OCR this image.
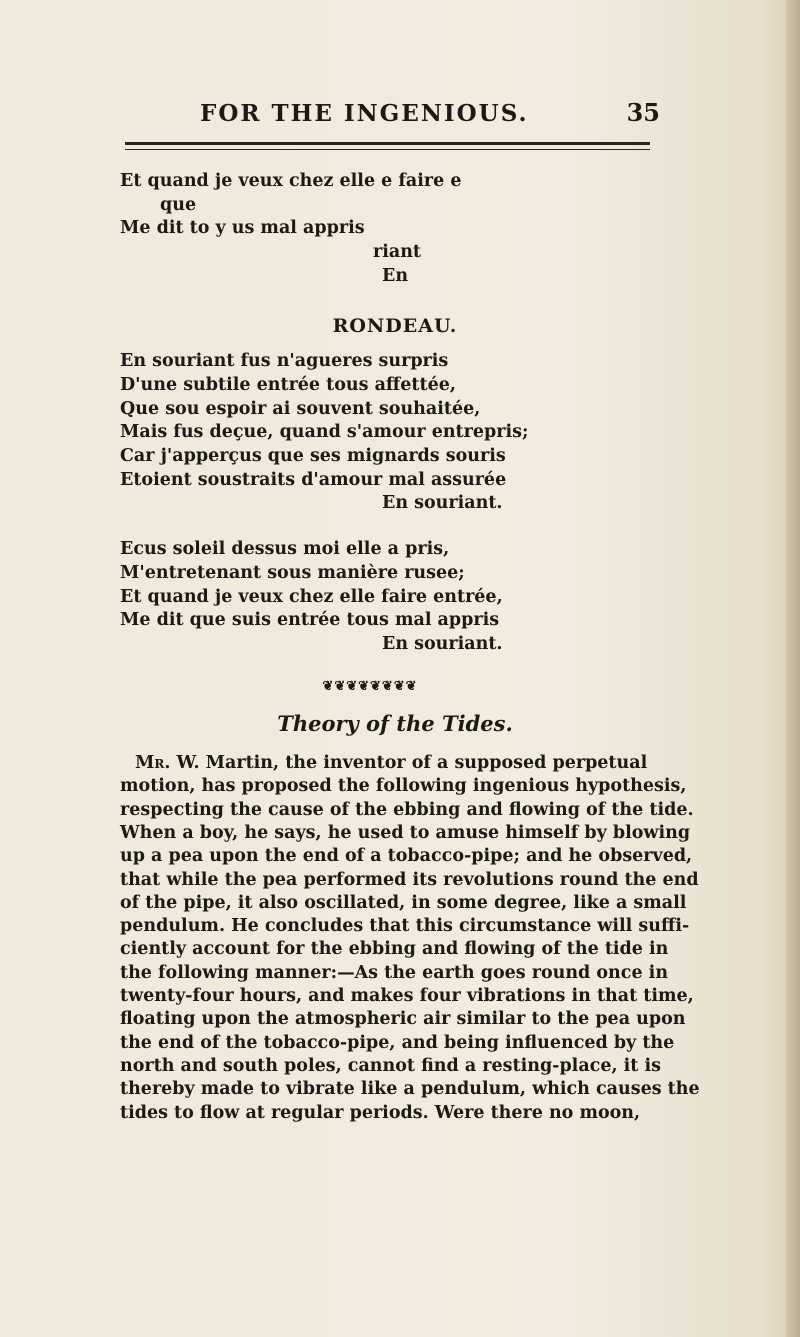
FOR THE INGENIOUS.	35
Et quand je veux chez elle e faire e
que
Me dit to y us mal appris
riant
En
RONDEAU.
En souriant fus n'agueres surpris
D'une subtile entrée tous affettée,
Que sou espoir ai souvent souhaitée,
Mais fus deçue, quand s'amour entrepris;
Car j'apperçus que ses mignards souris
Etoient soustraits d'amour mal assurée
En souriant.
Ecus soleil dessus moi elle a pris,
M'entretenant sous manière rusee;
Et quand je veux chez elle faire entrée,
Me dit que suis entrée tous mal appris
En souriant.
❦❦❦❦❦❦❦❦
Theory of the Tides.
Mr. W. Martin, the inventor of a supposed perpetual
motion, has proposed the following ingenious hypothesis,
respecting the cause of the ebbing and flowing of the tide.
When a boy, he says, he used to amuse himself by blowing
up a pea upon the end of a tobacco-pipe; and he observed,
that while the pea performed its revolutions round the end
of the pipe, it also oscillated, in some degree, like a small
pendulum. He concludes that this circumstance will suffi-
ciently account for the ebbing and flowing of the tide in
the following manner:—As the earth goes round once in
twenty-four hours, and makes four vibrations in that time,
floating upon the atmospheric air similar to the pea upon
the end of the tobacco-pipe, and being influenced by the
north and south poles, cannot find a resting-place, it is
thereby made to vibrate like a pendulum, which causes the
tides to flow at regular periods. Were there no moon,
